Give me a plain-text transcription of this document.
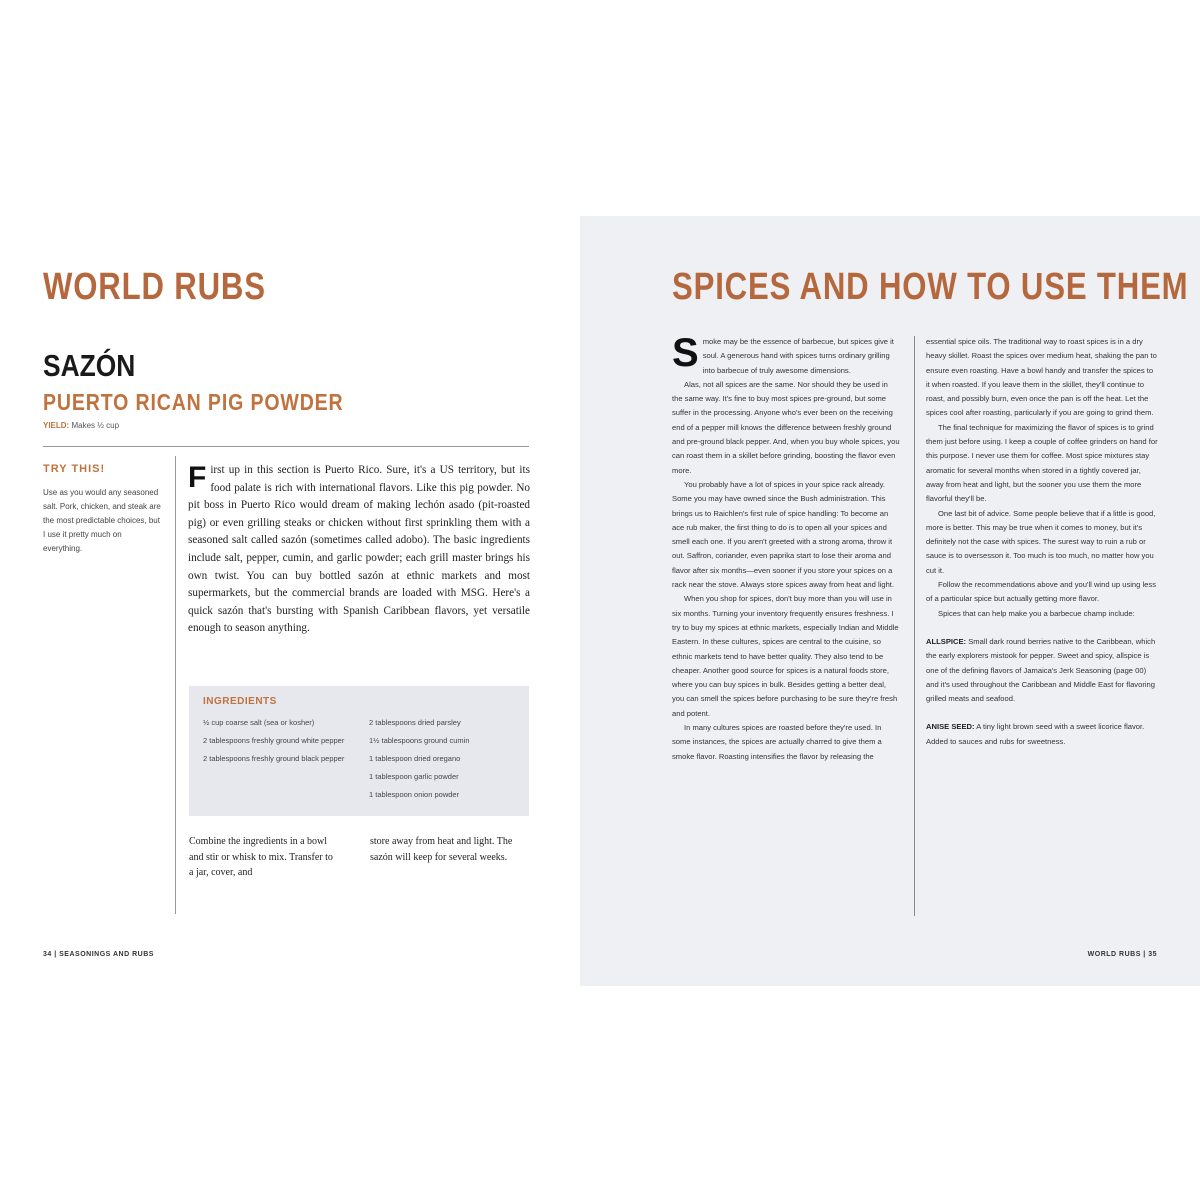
WORLD RUBS
SAZÓN
PUERTO RICAN PIG POWDER
YIELD: Makes ½ cup
TRY THIS!
Use as you would any seasoned salt. Pork, chicken, and steak are the most predictable choices, but I use it pretty much on everything.
F irst up in this section is Puerto Rico. Sure, it's a US territory, but its food palate is rich with international flavors. Like this pig powder. No pit boss in Puerto Rico would dream of making lechón asado (pit-roasted pig) or even grilling steaks or chicken without first sprinkling them with a seasoned salt called sazón (sometimes called adobo). The basic ingredients include salt, pepper, cumin, and garlic powder; each grill master brings his own twist. You can buy bottled sazón at ethnic markets and most supermarkets, but the commercial brands are loaded with MSG. Here's a quick sazón that's bursting with Spanish Caribbean flavors, yet versatile enough to season anything.
INGREDIENTS
½ cup coarse salt (sea or kosher)
2 tablespoons freshly ground white pepper
2 tablespoons freshly ground black pepper
2 tablespoons dried parsley
1½ tablespoons ground cumin
1 tablespoon dried oregano
1 tablespoon garlic powder
1 tablespoon onion powder
Combine the ingredients in a bowl and stir or whisk to mix. Transfer to a jar, cover, and
store away from heat and light. The sazón will keep for several weeks.
34 | SEASONINGS AND RUBS
SPICES AND HOW TO USE THEM

S moke may be the essence of barbecue, but spices give it soul. A generous hand with spices turns ordinary grilling into barbecue of truly awesome dimensions.

Alas, not all spices are the same. Nor should they be used in the same way. It's fine to buy most spices pre-ground, but some suffer in the processing. Anyone who's ever been on the receiving end of a pepper mill knows the difference between freshly ground and pre-ground black pepper. And, when you buy whole spices, you can roast them in a skillet before grinding, boosting the flavor even more.

You probably have a lot of spices in your spice rack already. Some you may have owned since the Bush administration. This brings us to Raichlen's first rule of spice handling: To become an ace rub maker, the first thing to do is to open all your spices and smell each one. If you aren't greeted with a strong aroma, throw it out. Saffron, coriander, even paprika start to lose their aroma and flavor after six months—even sooner if you store your spices on a rack near the stove. Always store spices away from heat and light.

When you shop for spices, don't buy more than you will use in six months. Turning your inventory frequently ensures freshness. I try to buy my spices at ethnic markets, especially Indian and Middle Eastern. In these cultures, spices are central to the cuisine, so ethnic markets tend to have better quality. They also tend to be cheaper. Another good source for spices is a natural foods store, where you can buy spices in bulk. Besides getting a better deal, you can smell the spices before purchasing to be sure they're fresh and potent.

In many cultures spices are roasted before they're used. In some instances, the spices are actually charred to give them a smoke flavor. Roasting intensifies the flavor by releasing the

essential spice oils. The traditional way to roast spices is in a dry heavy skillet. Roast the spices over medium heat, shaking the pan to ensure even roasting. Have a bowl handy and transfer the spices to it when roasted. If you leave them in the skillet, they'll continue to roast, and possibly burn, even once the pan is off the heat. Let the spices cool after roasting, particularly if you are going to grind them.

The final technique for maximizing the flavor of spices is to grind them just before using. I keep a couple of coffee grinders on hand for this purpose. I never use them for coffee. Most spice mixtures stay aromatic for several months when stored in a tightly covered jar, away from heat and light, but the sooner you use them the more flavorful they'll be.

One last bit of advice. Some people believe that if a little is good, more is better. This may be true when it comes to money, but it's definitely not the case with spices. The surest way to ruin a rub or sauce is to oversesson it. Too much is too much, no matter how you cut it.

Follow the recommendations above and you'll wind up using less of a particular spice but actually getting more flavor.

Spices that can help make you a barbecue champ include:

ALLSPICE: Small dark round berries native to the Caribbean, which the early explorers mistook for pepper. Sweet and spicy, allspice is one of the defining flavors of Jamaica's Jerk Seasoning (page 00) and it's used throughout the Caribbean and Middle East for flavoring grilled meats and seafood.

ANISE SEED: A tiny light brown seed with a sweet licorice flavor. Added to sauces and rubs for sweetness.

WORLD RUBS | 35
